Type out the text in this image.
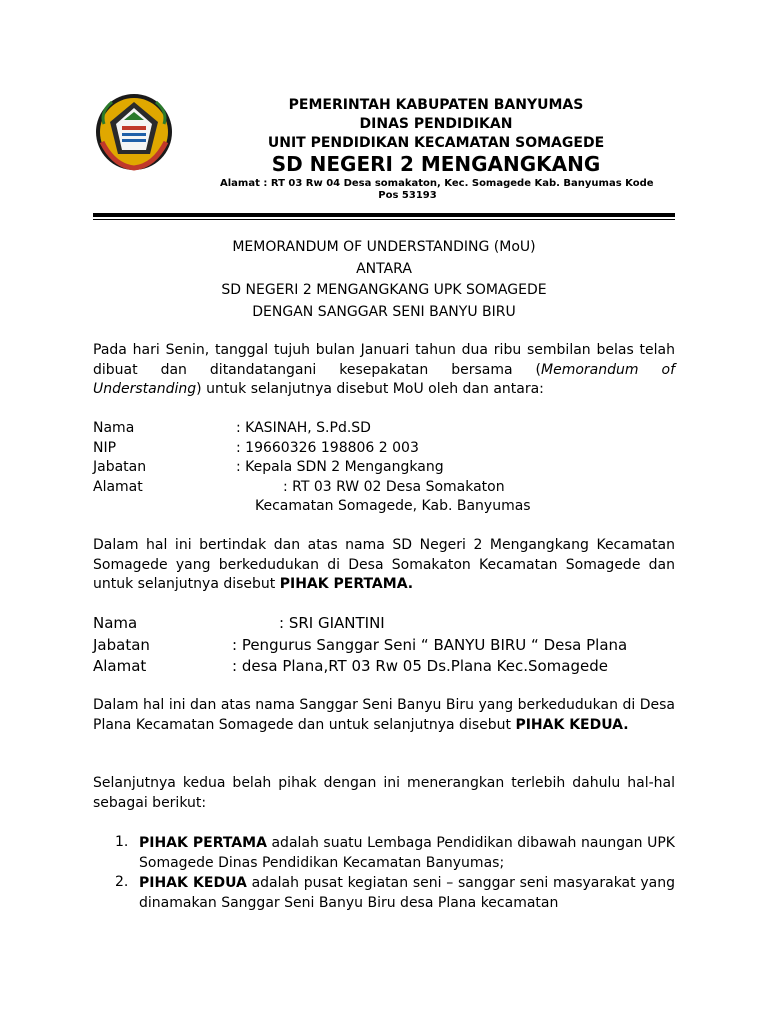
PEMERINTAH KABUPATEN BANYUMAS
DINAS PENDIDIKAN
UNIT PENDIDIKAN KECAMATAN SOMAGEDE
SD NEGERI 2 MENGANGKANG
Alamat : RT 03 Rw 04 Desa somakaton, Kec. Somagede Kab. Banyumas Kode
Pos 53193
MEMORANDUM OF UNDERSTANDING (MoU)
ANTARA
SD NEGERI 2 MENGANGKANG UPK SOMAGEDE
DENGAN SANGGAR SENI BANYU BIRU
Pada hari Senin, tanggal tujuh bulan Januari tahun dua ribu sembilan belas telah dibuat dan ditandatangani kesepakatan bersama (Memorandum of Understanding) untuk selanjutnya disebut MoU oleh dan antara:
Nama	: KASINAH, S.Pd.SD
NIP	: 19660326 198806 2 003
Jabatan	: Kepala SDN 2 Mengangkang
Alamat	: RT 03 RW 02 Desa Somakaton
Kecamatan Somagede, Kab. Banyumas
Dalam hal ini bertindak dan atas nama SD Negeri 2 Mengangkang Kecamatan Somagede yang berkedudukan di Desa Somakaton Kecamatan Somagede dan untuk selanjutnya disebut PIHAK PERTAMA.
Nama	: SRI GIANTINI
Jabatan	: Pengurus Sanggar Seni “ BANYU BIRU “ Desa Plana
Alamat	: desa Plana,RT 03 Rw 05 Ds.Plana Kec.Somagede
Dalam hal ini dan atas nama Sanggar Seni Banyu Biru yang berkedudukan di Desa Plana Kecamatan Somagede dan untuk selanjutnya disebut PIHAK KEDUA.
Selanjutnya kedua belah pihak dengan ini menerangkan terlebih dahulu hal-hal sebagai berikut:
1. PIHAK PERTAMA adalah suatu Lembaga Pendidikan dibawah naungan UPK Somagede Dinas Pendidikan Kecamatan Banyumas;
2. PIHAK KEDUA adalah pusat kegiatan seni – sanggar seni masyarakat yang dinamakan Sanggar Seni Banyu Biru desa Plana kecamatan
